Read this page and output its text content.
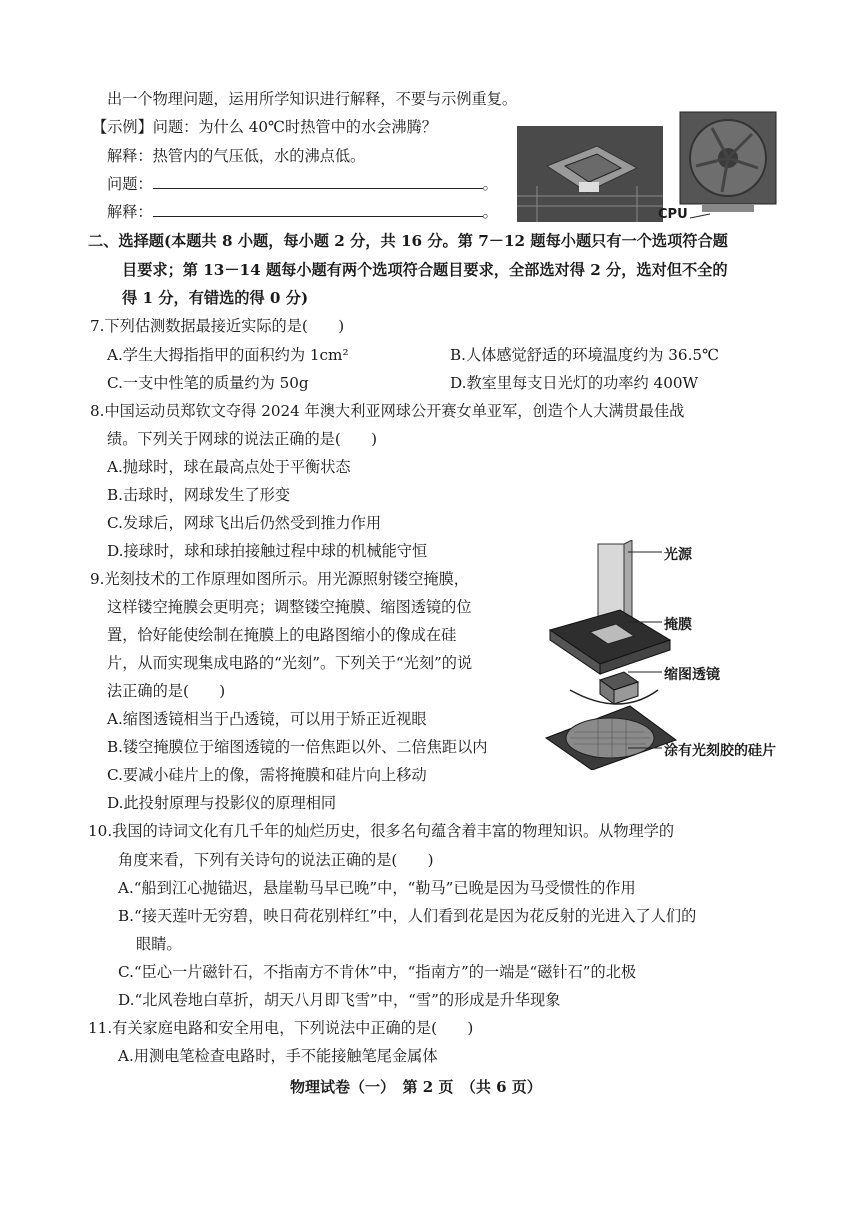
出一个物理问题，运用所学知识进行解释，不要与示例重复。
【示例】问题：为什么 40℃时热管中的水会沸腾？
解释：热管内的气压低，水的沸点低。
问题：	。
解释：	。	CPU
二、选择题(本题共 8 小题，每小题 2 分，共 16 分。第 7－12 题每小题只有一个选项符合题
目要求；第 13－14 题每小题有两个选项符合题目要求，全部选对得 2 分，选对但不全的
得 1 分，有错选的得 0 分)
7.下列估测数据最接近实际的是(　　)
A.学生大拇指指甲的面积约为 1cm²	B.人体感觉舒适的环境温度约为 36.5℃
C.一支中性笔的质量约为 50g	D.教室里每支日光灯的功率约 400W
8.中国运动员郑钦文夺得 2024 年澳大利亚网球公开赛女单亚军，创造个人大满贯最佳战
绩。下列关于网球的说法正确的是(　　)
A.抛球时，球在最高点处于平衡状态
B.击球时，网球发生了形变
C.发球后，网球飞出后仍然受到推力作用
D.接球时，球和球拍接触过程中球的机械能守恒
9.光刻技术的工作原理如图所示。用光源照射镂空掩膜，
这样镂空掩膜会更明亮；调整镂空掩膜、缩图透镜的位
置，恰好能使绘制在掩膜上的电路图缩小的像成在硅
片，从而实现集成电路的“光刻”。下列关于“光刻”的说
法正确的是(　　)
A.缩图透镜相当于凸透镜，可以用于矫正近视眼
B.镂空掩膜位于缩图透镜的一倍焦距以外、二倍焦距以内
C.要减小硅片上的像，需将掩膜和硅片向上移动
D.此投射原理与投影仪的原理相同
光源
掩膜
缩图透镜
涂有光刻胶的硅片
10.我国的诗词文化有几千年的灿烂历史，很多名句蕴含着丰富的物理知识。从物理学的
角度来看，下列有关诗句的说法正确的是(　　)
A.“船到江心抛锚迟，悬崖勒马早已晚”中，“勒马”已晚是因为马受惯性的作用
B.“接天莲叶无穷碧，映日荷花别样红”中，人们看到花是因为花反射的光进入了人们的
眼睛。
C.“臣心一片磁针石，不指南方不肯休”中，“指南方”的一端是“磁针石”的北极
D.“北风卷地白草折，胡天八月即飞雪”中，“雪”的形成是升华现象
11.有关家庭电路和安全用电，下列说法中正确的是(　　)
A.用测电笔检查电路时，手不能接触笔尾金属体
物理试卷（一）　第 2 页　（共 6 页）
